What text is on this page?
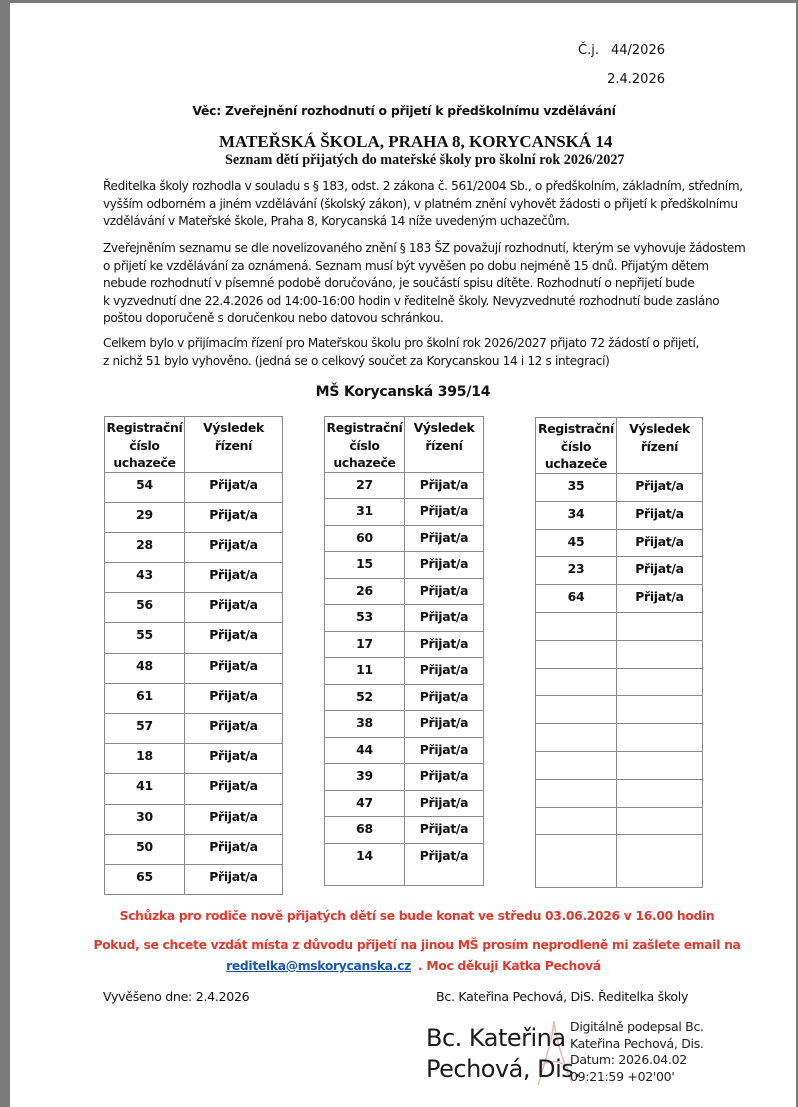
Č.j. 44/2026
2.4.2026
Věc: Zveřejnění rozhodnutí o přijetí k předškolnímu vzdělávání
MATEŘSKÁ ŠKOLA, PRAHA 8, KORYCANSKÁ 14
Seznam dětí přijatých do mateřské školy pro školní rok 2026/2027
Ředitelka školy rozhodla v souladu s § 183, odst. 2 zákona č. 561/2004 Sb., o předškolním, základním, středním,
vyšším odborném a jiném vzdělávání (školský zákon), v platném znění vyhovět žádosti o přijetí k předškolnímu
vzdělávání v Mateřské škole, Praha 8, Korycanská 14 níže uvedeným uchazečům.
Zveřejněním seznamu se dle novelizovaného znění § 183 ŠZ považují rozhodnutí, kterým se vyhovuje žádostem
o přijetí ke vzdělávání za oznámená. Seznam musí být vyvěšen po dobu nejméně 15 dnů. Přijatým dětem
nebude rozhodnutí v písemné podobě doručováno, je součástí spisu dítěte. Rozhodnutí o nepřijetí bude
k vyzvednutí dne 22.4.2026 od 14:00-16:00 hodin v ředitelně školy. Nevyzvednuté rozhodnutí bude zasláno
poštou doporučeně s doručenkou nebo datovou schránkou.
Celkem bylo v přijímacím řízení pro Mateřskou školu pro školní rok 2026/2027 přijato 72 žádostí o přijetí,
z nichž 51 bylo vyhověno. (jedná se o celkový součet za Korycanskou 14 i 12 s integrací)
MŠ Korycanská 395/14
Registrační
číslo
uchazeče	Výsledek
řízení
54	Přijat/a
29	Přijat/a
28	Přijat/a
43	Přijat/a
56	Přijat/a
55	Přijat/a
48	Přijat/a
61	Přijat/a
57	Přijat/a
18	Přijat/a
41	Přijat/a
30	Přijat/a
50	Přijat/a
65	Přijat/a
Registrační
číslo
uchazeče	Výsledek
řízení
27	Přijat/a
31	Přijat/a
60	Přijat/a
15	Přijat/a
26	Přijat/a
53	Přijat/a
17	Přijat/a
11	Přijat/a
52	Přijat/a
38	Přijat/a
44	Přijat/a
39	Přijat/a
47	Přijat/a
68	Přijat/a
14	Přijat/a
Registrační
číslo
uchazeče	Výsledek
řízení
35	Přijat/a
34	Přijat/a
45	Přijat/a
23	Přijat/a
64	Přijat/a

Schůzka pro rodiče nově přijatých dětí se bude konat ve středu 03.06.2026 v 16.00 hodin
Pokud, se chcete vzdát místa z důvodu přijetí na jinou MŠ prosím neprodleně mi zašlete email na
reditelka@mskorycanska.cz . Moc děkuji Katka Pechová
Vyvěšeno dne: 2.4.2026	Bc. Kateřina Pechová, DiS. Ředitelka školy
Bc. Kateřina
Pechová, Dis.
Digitálně podepsal Bc.
Kateřina Pechová, Dis.
Datum: 2026.04.02
09:21:59 +02'00'
